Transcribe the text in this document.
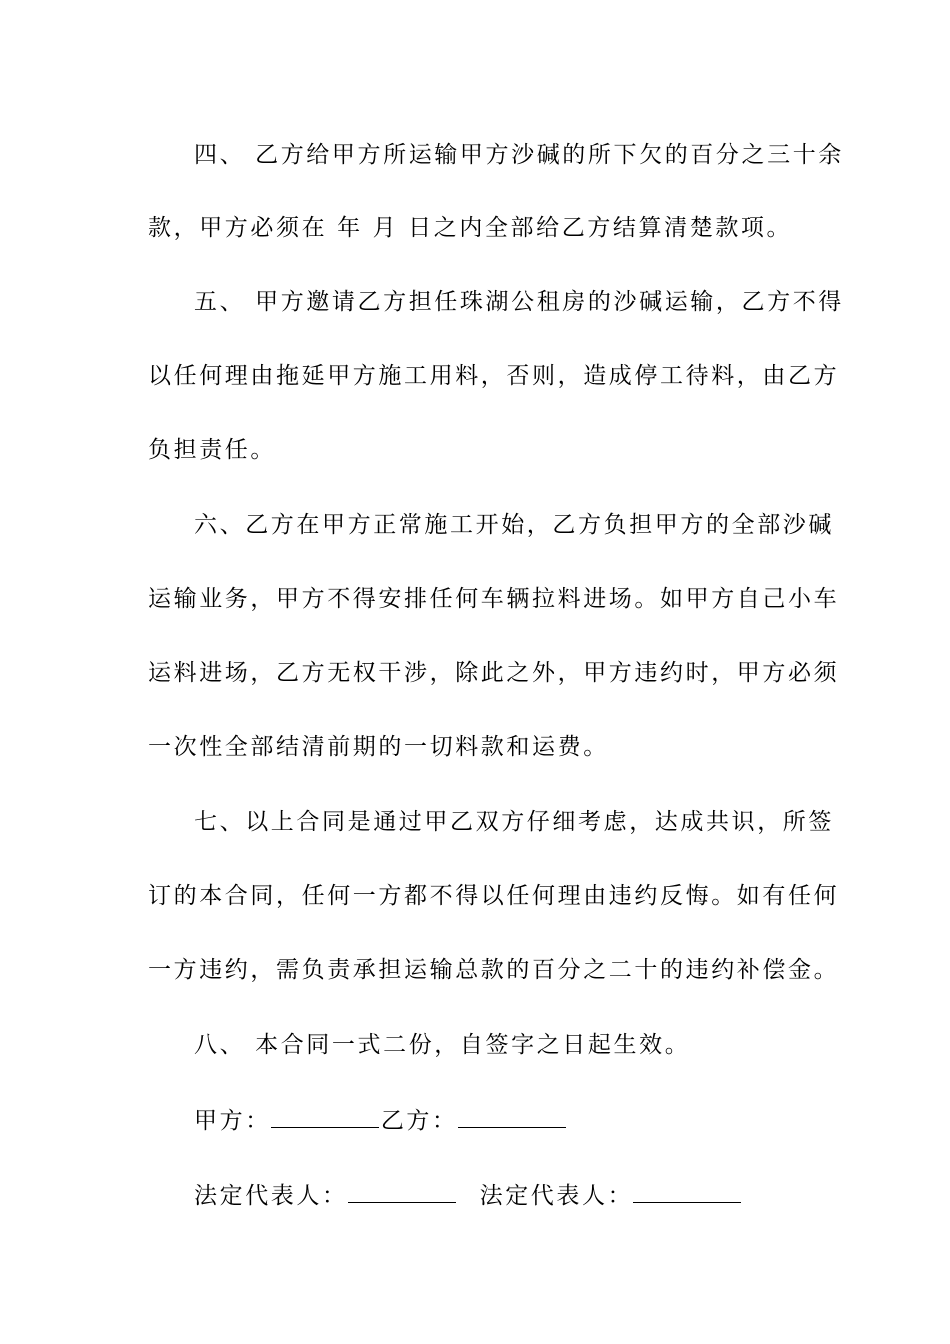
四、 乙方给甲方所运输甲方沙碱的所下欠的百分之三十余
款，甲方必须在 年 月 日之内全部给乙方结算清楚款项。
五、 甲方邀请乙方担任珠湖公租房的沙碱运输，乙方不得
以任何理由拖延甲方施工用料，否则，造成停工待料，由乙方
负担责任。
六、乙方在甲方正常施工开始，乙方负担甲方的全部沙碱
运输业务，甲方不得安排任何车辆拉料进场。如甲方自己小车
运料进场，乙方无权干涉，除此之外，甲方违约时，甲方必须
一次性全部结清前期的一切料款和运费。
七、以上合同是通过甲乙双方仔细考虑，达成共识，所签
订的本合同，任何一方都不得以任何理由违约反悔。如有任何
一方违约，需负责承担运输总款的百分之二十的违约补偿金。
八、 本合同一式二份，自签字之日起生效。
甲方：	乙方：
法定代表人：	法定代表人：
